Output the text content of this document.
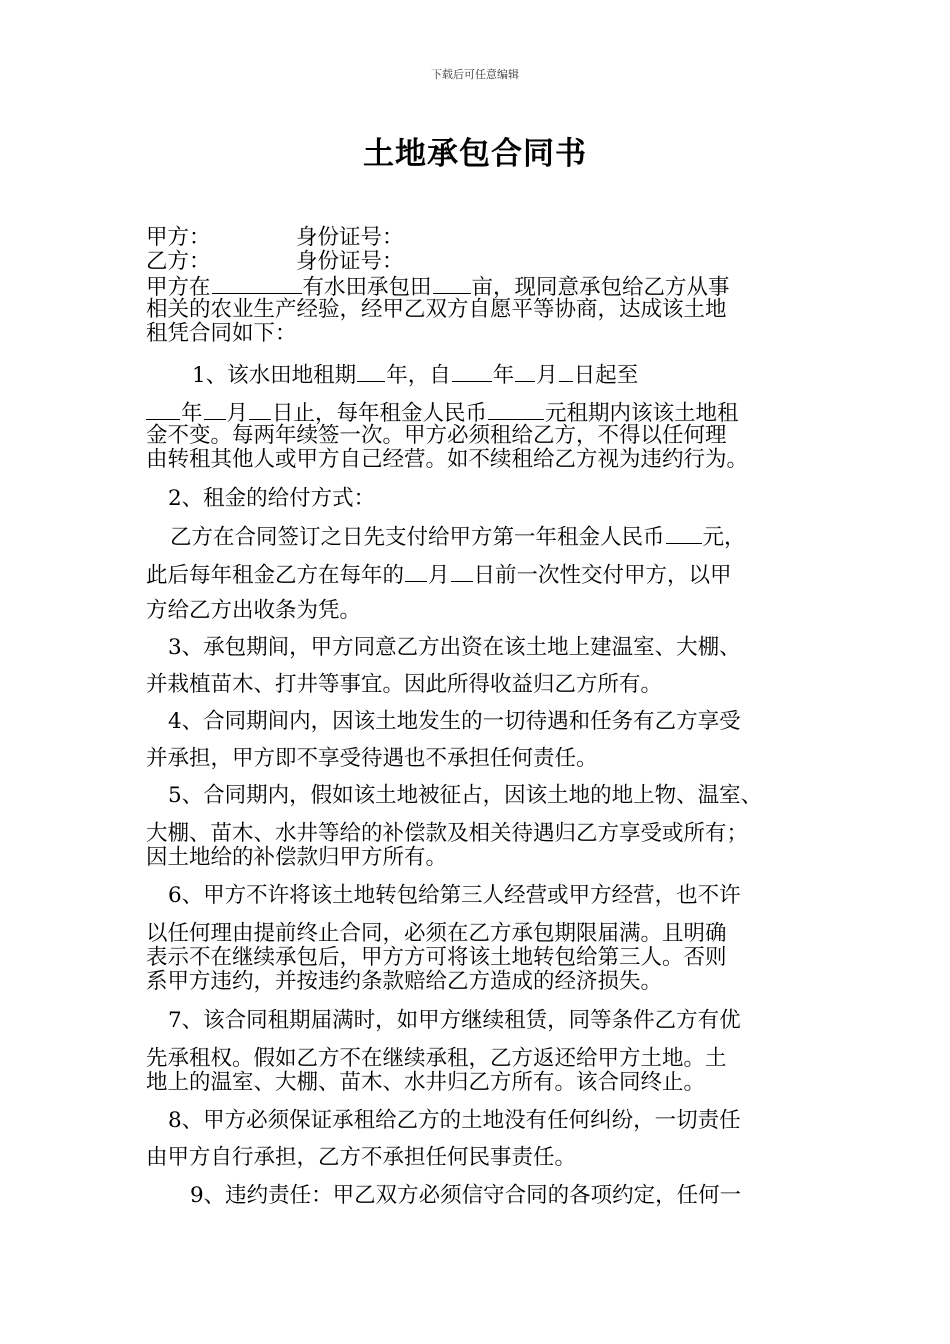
下载后可任意编辑
土地承包合同书
甲方：	身份证号：
乙方：	身份证号：
甲方在	有水田承包田 亩，现同意承包给乙方从事
相关的农业生产经验，经甲乙双方自愿平等协商，达成该土地
租凭合同如下：
1、该水田地租期 年，自 年 月 日起至
年 月 日止，每年租金人民币	元租期内该该土地租
金不变。每两年续签一次。甲方必须租给乙方，不得以任何理
由转租其他人或甲方自己经营。如不续租给乙方视为违约行为。
2、租金的给付方式：
乙方在合同签订之日先支付给甲方第一年租金人民币 元，
此后每年租金乙方在每年的 月 日前一次性交付甲方，以甲
方给乙方出收条为凭。
3、承包期间，甲方同意乙方出资在该土地上建温室、大棚、
并栽植苗木、打井等事宜。因此所得收益归乙方所有。
4、合同期间内，因该土地发生的一切待遇和任务有乙方享受
并承担，甲方即不享受待遇也不承担任何责任。
5、合同期内，假如该土地被征占，因该土地的地上物、温室、
大棚、苗木、水井等给的补偿款及相关待遇归乙方享受或所有；
因土地给的补偿款归甲方所有。
6、甲方不许将该土地转包给第三人经营或甲方经营，也不许
以任何理由提前终止合同，必须在乙方承包期限届满。且明确
表示不在继续承包后，甲方方可将该土地转包给第三人。否则
系甲方违约，并按违约条款赔给乙方造成的经济损失。
7、该合同租期届满时，如甲方继续租赁，同等条件乙方有优
先承租权。假如乙方不在继续承租，乙方返还给甲方土地。土
地上的温室、大棚、苗木、水井归乙方所有。该合同终止。
8、甲方必须保证承租给乙方的土地没有任何纠纷，一切责任
由甲方自行承担，乙方不承担任何民事责任。
9、违约责任：甲乙双方必须信守合同的各项约定，任何一
